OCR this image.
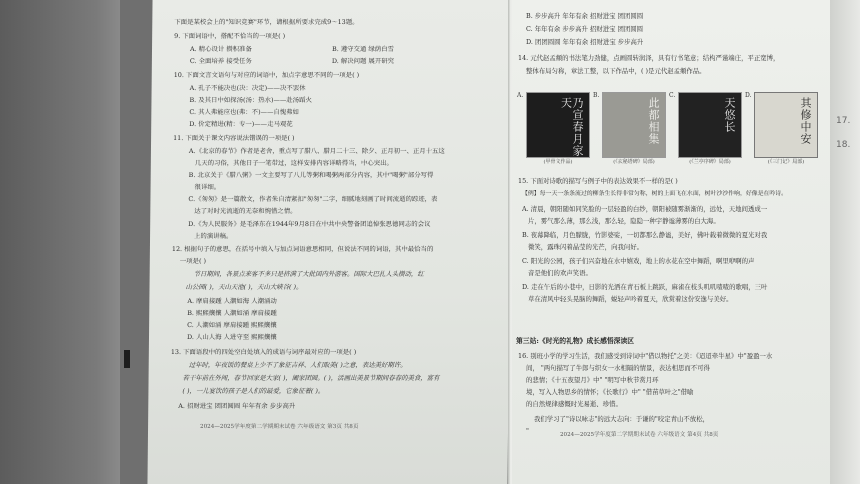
下面是某校会上的"知识竞赛"环节，请根据所要求完成9～13题。
9. 下面词语中，搭配不恰当的一项是( )
A. 精心设计 攒积准备	B. 遵守交通 绿荫白雪
C. 全面培养 接受任务	D. 解决问题 展开研究
10. 下面文言文语句与对应的词语中，加点字意思不同的一项是( )
A. 孔子不能决也(决：决定)——决不罢休
B. 及其日中如探汤(汤：热水)——赴汤蹈火
C. 其人弗能应也(弗：不)——自愧弗如
D. 价定精进(精：专一)——走马观花
11. 下面关于课文内容说法错误的一项是( )
A.《北京的春节》作者是老舍，重点写了腊八、腊月二十三、除夕、正月初一、正月十五这
几天的习俗，其他日子一笔带过，这样安排内容详略得当，中心突出。
B. 北京关于《腊八粥》一文主要写了八儿等粥和喝粥两部分内容，其中"喝粥"部分写得
很详细。
C.《匆匆》是一篇散文，作者朱自清紧扣"匆匆"二字，细腻地刻画了时间流逝的踪迹，表
达了对时光流逝的无奈和惋惜之情。
D.《为人民服务》是毛泽东在1944年9月8日在中共中央警备团追悼张思德同志的会议
上的演讲稿。
12. 根据句子的意思，在括号中填入与加点词语意思相同，但说法不同的词语，其中最恰当的
一项是( )
节日期间，各景点来客不多只是挤满了大批国内外游客。国际大巴扎人头攒动，红
山公园( )，天山天池( )，天山大峡谷( )。
A. 摩肩接踵 人潮如海 人潮涌动
B. 熙熙攘攘 人潮如涌 摩肩接踵
C. 人潮如涌 摩肩接踵 熙熙攘攘
D. 人山人海 人进守至 熙熙攘攘
13. 下面语段中的四处空白处填入的成语与词序最对应的一项是( )
过年时，年夜饭的餐桌上少不了象征吉祥、人们取美( )之意，表达美好期许。
若干年前在外闯，春节回家是大家( )，阖家团圆。( )，活画出美景节期间春春的美食，富有
( )，一儿宴饮的孩子是人们的最爱，它象征着( )。
A. 招财进宝 团团圆圆 年年有余 步步高升
2024—2025学年度第二学期期末试卷 六年级语文 第3页 共8页
B. 步步高升 年年有余 招财进宝 团团圆圆
C. 年年有余 步步高升 招财进宝 团团圆圆
D. 团团圆圆 年年有余 招财进宝 步步高升
14. 元代赵孟頫的书法笔力劲健，点画圆转润泽，具有行书笔意；结构严谨端庄，平正宽博，
整体布局匀称，章法工整，以下作品中，( )是元代赵孟頫作品。
A.
乃宣春月家天
(甲骨文作品)
B.
此都相集
(《玄秘塔碑》局部)
C.
天悠长
(《兰亭序碑》局部)
D.
其修中安
(《三门记》局部)
15. 下面对诗歌的描写与例子中的表达效果不一样的是( )
【例】每一天一条条流过的柳条生长得非常匀称，树的上面飞在水面，树叶沙沙作响，好像是在吟诗。
A. 清晨，朝阳随如同笑脸的一层轻盈的白纱，朝阳被随雾渐渐的，远处，天地间透成一
片，雾气那么薄，那么浅，那么轻，隐隐一种宇静谧薄雾的白大海。
B. 夜幕降临，月色朦胧，竹影婆娑，一切都那么静谧，美好，佛叶载着微微的夏光对我
微笑，露珠闪着晶莹的光芒，向我问好。
C. 阳光的公园，孩子们兴奋地在水中嬉戏，地上的水花在空中舞蹈，啊里咿啊的声
音是他们的欢声笑语。
D. 走在午后的小巷中，日影的光洒在青石板上跳跃，麻雀在枝头叽叽喳喳的歌唱，三叶
草在清风中轻头晃脑的舞蹈，蜕轻声吟着夏天，欣赏着这份安逸与美好。
第三站:《时光的礼物》成长感悟深读区
16. 别班小学的学习生活，我们感受到诗词中"借以物托"之美：《迢迢牵牛星》中"盈盈一水
间， "两句描写了牛郎与织女一水相隔的情景，表达相思而不可得
的悲情；《十五夜望月》中" "明写中秋节赏月环
境，写入人物思乡的情怀；《长歌行》中" "借苗草叶之"借喻
的自然规律感慨时光易逝、珍惜。
我们学习了"诗以咏志"的远大志向：于谦的"咬定青山不放松，
"	2024—2025学年度第二学期期末试卷 六年级语文 第4页 共8页
17.
18.
